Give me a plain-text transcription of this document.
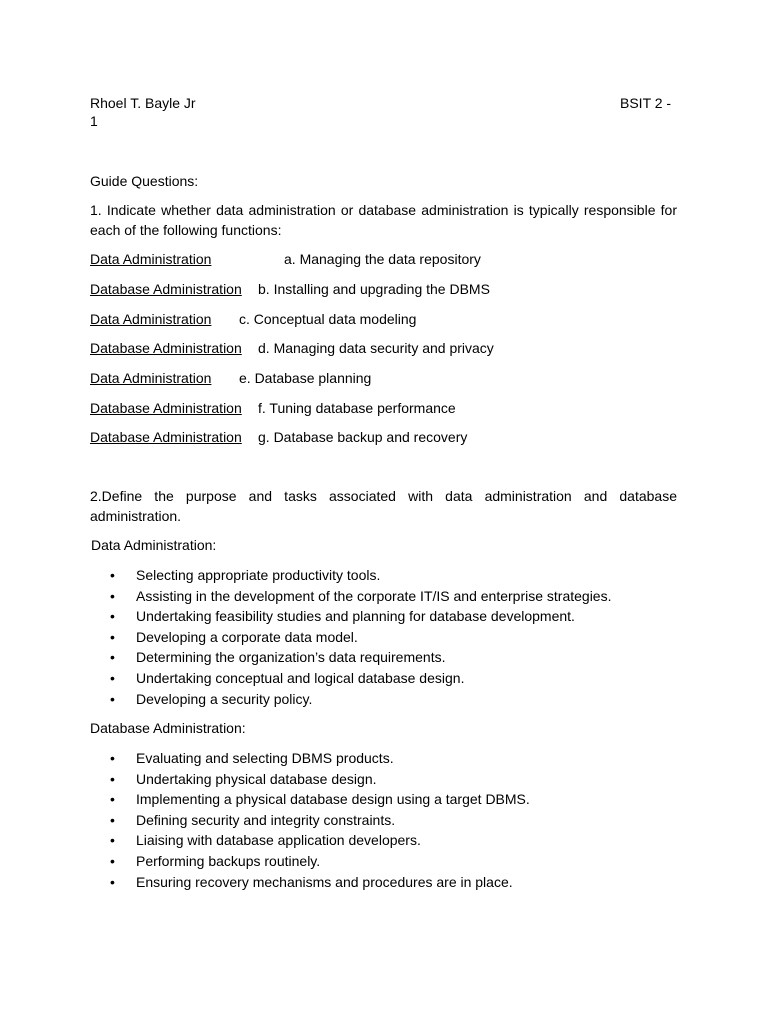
Rhoel T. Bayle Jr	BSIT 2 -
1
Guide Questions:
1. Indicate whether data administration or database administration is typically responsible for each of the following functions:
Data Administration	a. Managing the data repository
Database Administration b. Installing and upgrading the DBMS
Data Administration c. Conceptual data modeling
Database Administration d. Managing data security and privacy
Data Administration e. Database planning
Database Administration f. Tuning database performance
Database Administration g. Database backup and recovery
2.Define the purpose and tasks associated with data administration and database administration.
Data Administration:
• Selecting appropriate productivity tools.
• Assisting in the development of the corporate IT/IS and enterprise strategies.
• Undertaking feasibility studies and planning for database development.
• Developing a corporate data model.
• Determining the organization’s data requirements.
• Undertaking conceptual and logical database design.
• Developing a security policy.
Database Administration:
• Evaluating and selecting DBMS products.
• Undertaking physical database design.
• Implementing a physical database design using a target DBMS.
• Defining security and integrity constraints.
• Liaising with database application developers.
• Performing backups routinely.
• Ensuring recovery mechanisms and procedures are in place.
